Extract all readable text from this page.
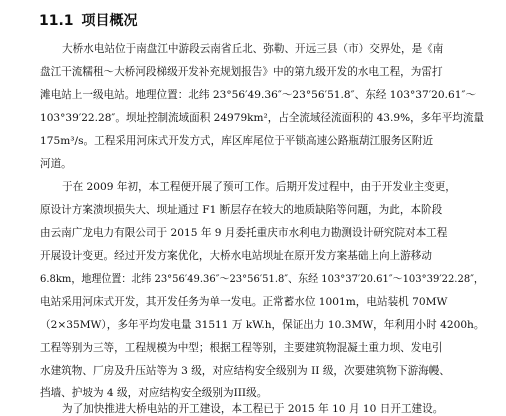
11.1 项目概况
大桥水电站位于南盘江中游段云南省丘北、弥勒、开远三县（市）交界处，是《南
盘江干流糯租～大桥河段梯级开发补充规划报告》中的第九级开发的水电工程，为雷打
滩电站上一级电站。地理位置：北纬 23°56′49.36″～23°56′51.8″、东经 103°37′20.61″～
103°39′22.28″。坝址控制流域面积 24979km²，占全流域径流面积的 43.9%，多年平均流量
175m³/s。工程采用河床式开发方式，库区库尾位于平锁高速公路瓶葫江服务区附近
河道。
于在 2009 年初，本工程便开展了预可工作。后期开发过程中，由于开发业主变更，
原设计方案溃坝损失大、坝址通过 F1 断层存在较大的地质缺陷等问题，为此，本阶段
由云南广龙电力有限公司于 2015 年 9 月委托重庆市水利电力勘测设计研究院对本工程
开展设计变更。经过开发方案优化，大桥水电站坝址在原开发方案基础上向上游移动
6.8km，地理位置：北纬 23°56′49.36″～23°56′51.8″、东经 103°37′20.61″～103°39′22.28″，
电站采用河床式开发，其开发任务为单一发电。正常蓄水位 1001m，电站装机 70MW
（2×35MW），多年平均发电量 31511 万 kW.h，保证出力 10.3MW，年利用小时 4200h。
工程等别为三等，工程规模为中型；根据工程等别，主要建筑物混凝土重力坝、发电引
水建筑物、厂房及升压站等为 3 级，对应结构安全级别为 II 级，次要建筑物下游海幔、
挡墙、护坡为 4 级，对应结构安全级别为III级。
为了加快推进大桥电站的开工建设，本工程已于 2015 年 10 月 10 日开工建设。
